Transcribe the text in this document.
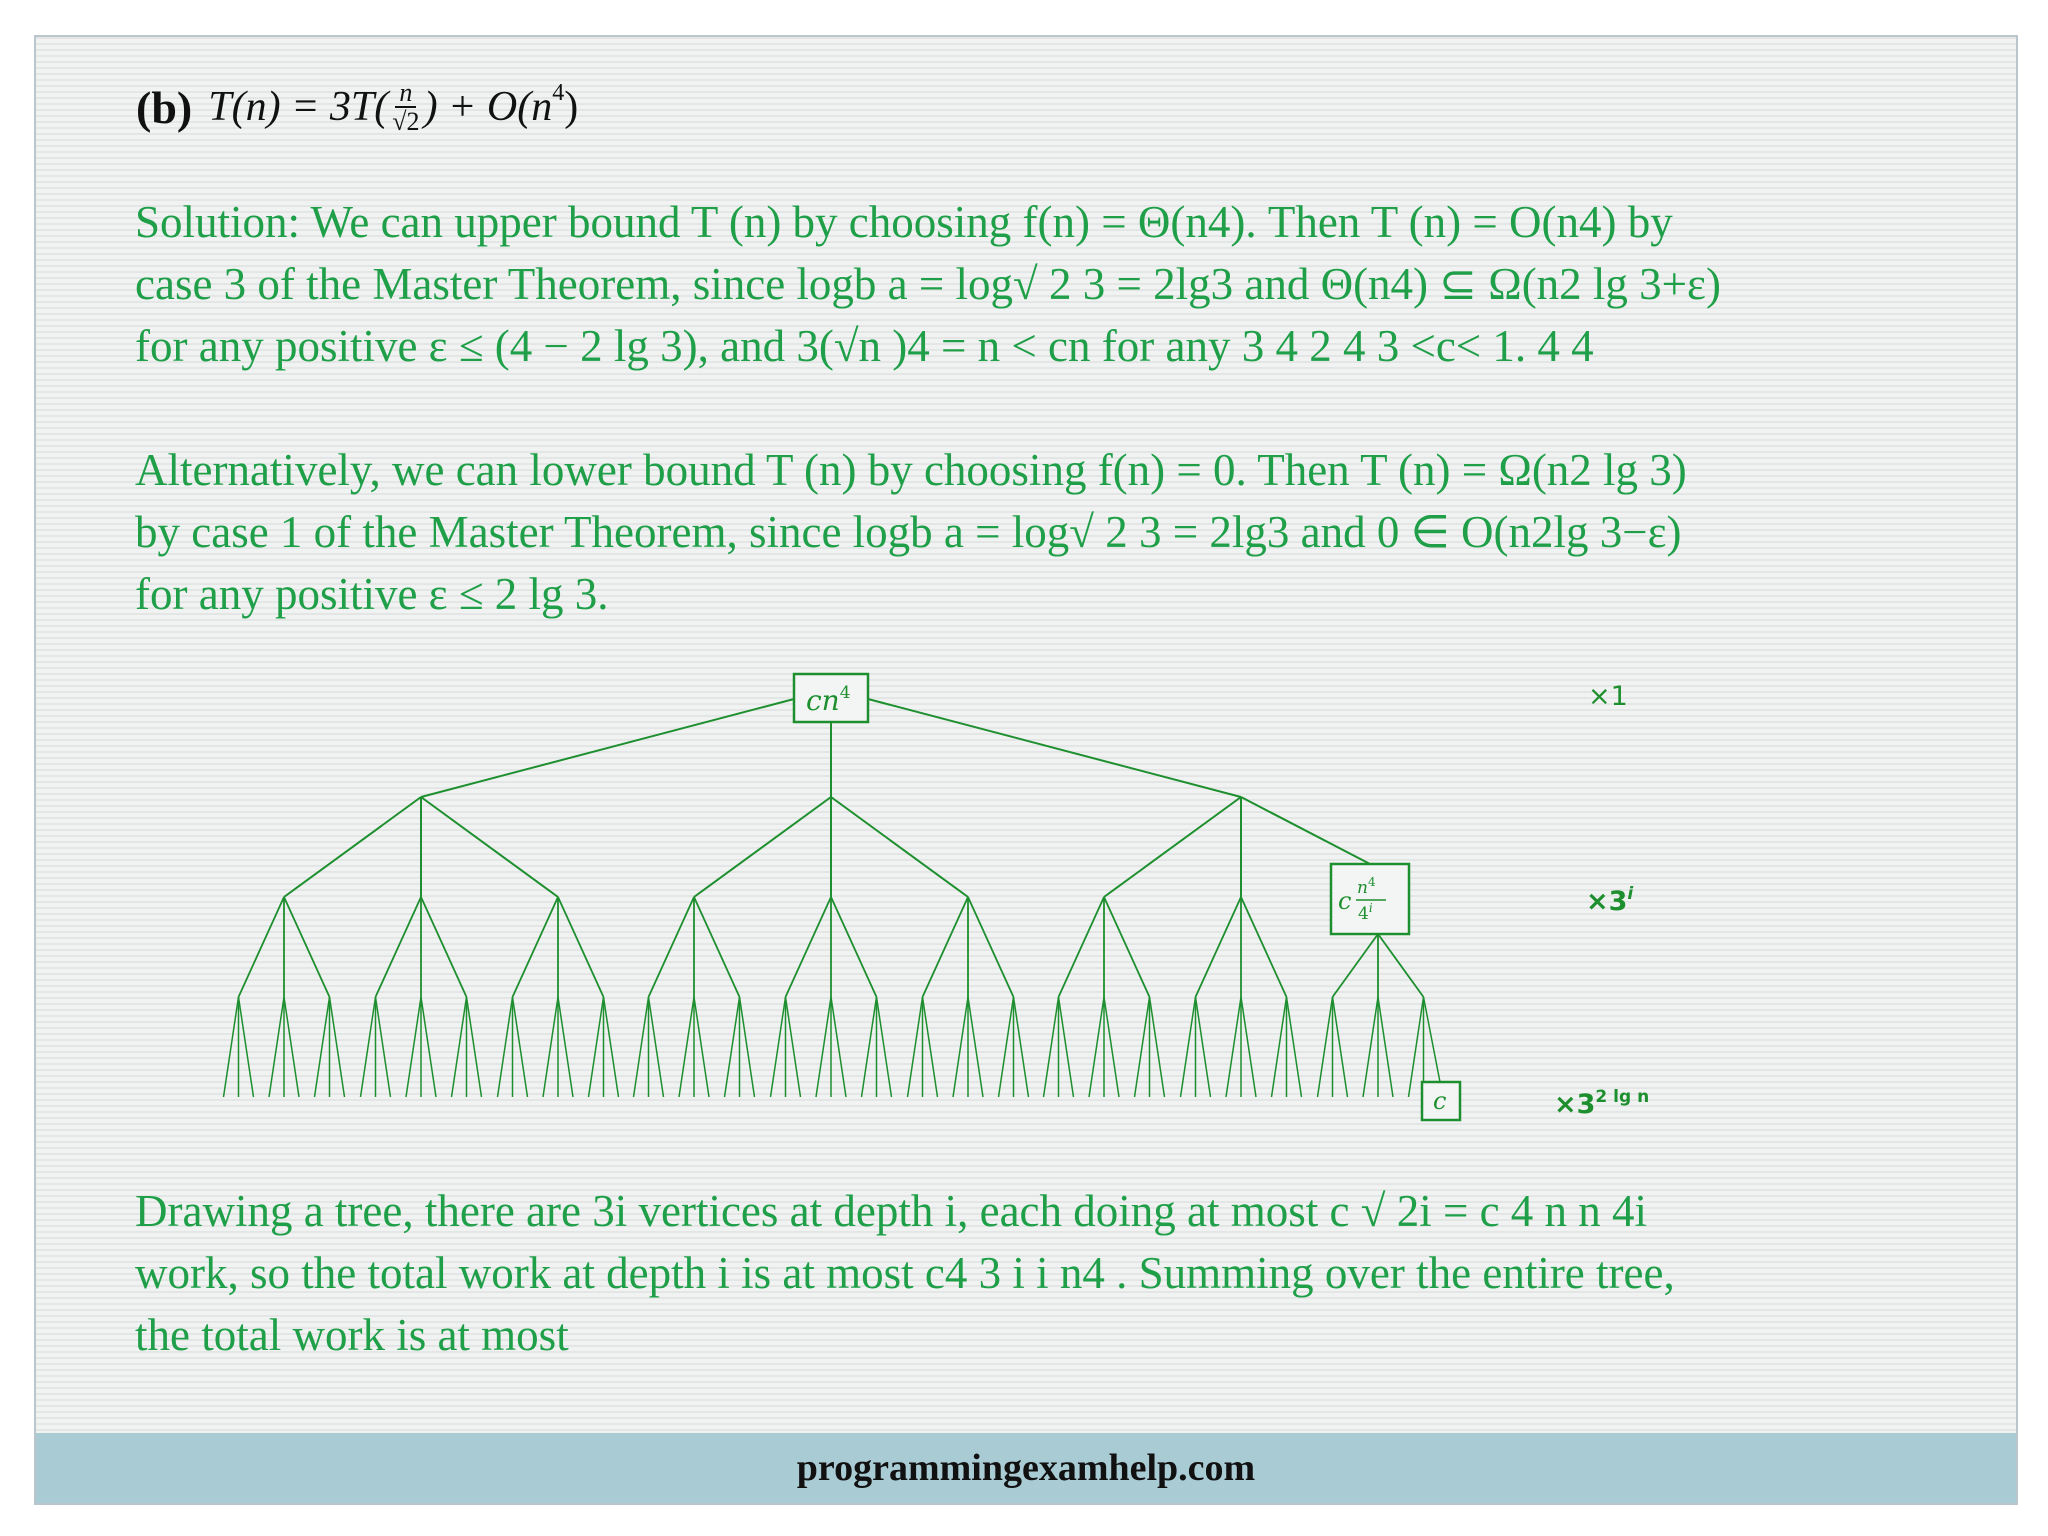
(b) T(n) = 3 $T( \frac{n}{√2}$ ) + O(n 4 )
Solution: We can upper bound T (n) by choosing f(n) = Θ(n4). Then T (n) = O(n4) by
case 3 of the Master Theorem, since logb a = log√ 2 3 = 2lg3 and Θ(n4) ⊆ Ω(n2 lg 3+ε)
for any positive ε ≤ (4 − 2 lg 3), and 3(√n )4 = n < cn for any 3 4 2 4 3 <c< 1. 4 4
Alternatively, we can lower bound T (n) by choosing f(n) = 0. Then T (n) = Ω(n2 lg 3)
by case 1 of the Master Theorem, since logb a = log√ 2 3 = 2lg3 and 0 ∈ O(n2lg 3−ε)
for any positive ε ≤ 2 lg 3.
$cn^4$
c $n^4$
4$^i$
c
×1
$\times 3^i$
$\times 3^{2 lg n}$
Drawing a tree, there are 3i vertices at depth i, each doing at most c √ 2i = c 4 n n 4i
work, so the total work at depth i is at most c4 3 i i n4 . Summing over the entire tree,
the total work is at most
programmingexamhelp.com
